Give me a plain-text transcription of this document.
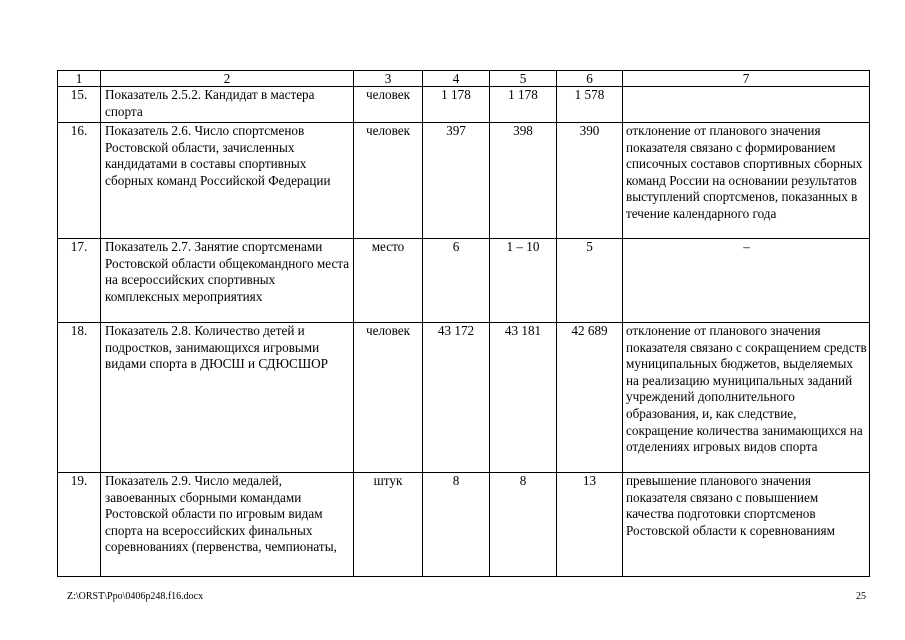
1	2	3	4	5	6	7
15.	Показатель 2.5.2. Кандидат в мастера спорта	человек	1 178	1 178	1 578	
16.	Показатель 2.6. Число спортсменов Ростовской области, зачисленных кандидатами в составы спортивных сборных команд Российской Федерации	человек	397	398	390	отклонение от планового значения показателя связано с формированием списочных составов спортивных сборных команд России на основании результатов выступлений спортсменов, показанных в течение календарного года
17.	Показатель 2.7. Занятие спортсменами Ростовской области общекомандного места на всероссийских спортивных комплексных мероприятиях	место	6	1 – 10	5	–
18.	Показатель 2.8. Количество детей и подростков, занимающихся игровыми видами спорта в ДЮСШ и СДЮСШОР	человек	43 172	43 181	42 689	отклонение от планового значения показателя связано с сокращением средств муниципальных бюджетов, выделяемых на реализацию муниципальных заданий учреждений дополнительного образования, и, как следствие, сокращение количества занимающихся на отделениях игровых видов спорта
19.	Показатель 2.9. Число медалей, завоеванных сборными командами Ростовской области по игровым видам спорта на всероссийских финальных соревнованиях (первенства, чемпионаты,	штук	8	8	13	превышение планового значения показателя связано с повышением качества подготовки спортсменов Ростовской области к соревнованиям
Z:\ORST\Ppo\0406p248.f16.docx	25
